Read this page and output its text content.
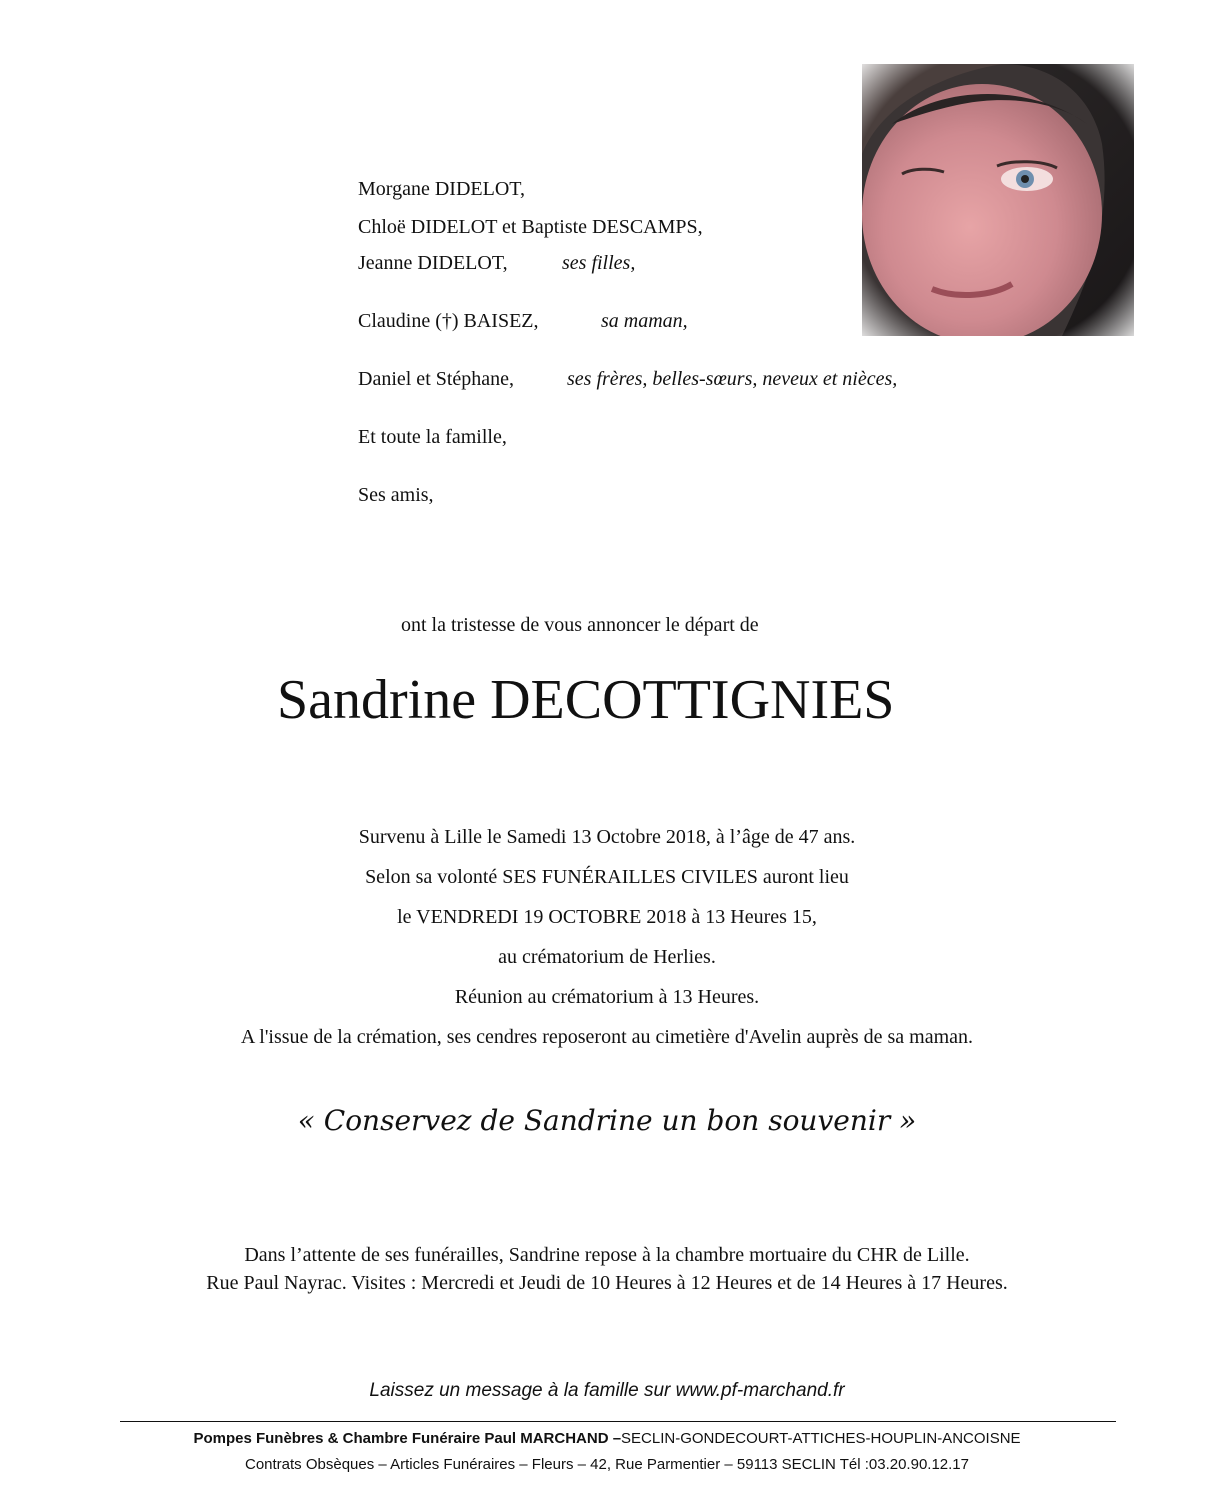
Morgane DIDELOT,
Chloë DIDELOT et Baptiste DESCAMPS,
Jeanne DIDELOT,	ses filles,
Claudine (†) BAISEZ,	sa maman,
Daniel et Stéphane,	ses frères, belles-sœurs, neveux et nièces,
Et toute la famille,
Ses amis,
ont la tristesse de vous annoncer le départ de
Sandrine DECOTTIGNIES
Survenu à Lille le Samedi 13 Octobre 2018, à l’âge de 47 ans.
Selon sa volonté SES FUNÉRAILLES CIVILES auront lieu
le VENDREDI 19 OCTOBRE 2018 à 13 Heures 15,
au crématorium de Herlies.
Réunion au crématorium à 13 Heures.
A l'issue de la crémation, ses cendres reposeront au cimetière d'Avelin auprès de sa maman.
« Conservez de Sandrine un bon souvenir »
Dans l’attente de ses funérailles, Sandrine repose à la chambre mortuaire du CHR de Lille.
Rue Paul Nayrac. Visites : Mercredi et Jeudi de 10 Heures à 12 Heures et de 14 Heures à 17 Heures.
Laissez un message à la famille sur www.pf-marchand.fr
Pompes Funèbres & Chambre Funéraire Paul MARCHAND –SECLIN-GONDECOURT-ATTICHES-HOUPLIN-ANCOISNE
Contrats Obsèques – Articles Funéraires – Fleurs – 42, Rue Parmentier – 59113 SECLIN Tél :03.20.90.12.17
